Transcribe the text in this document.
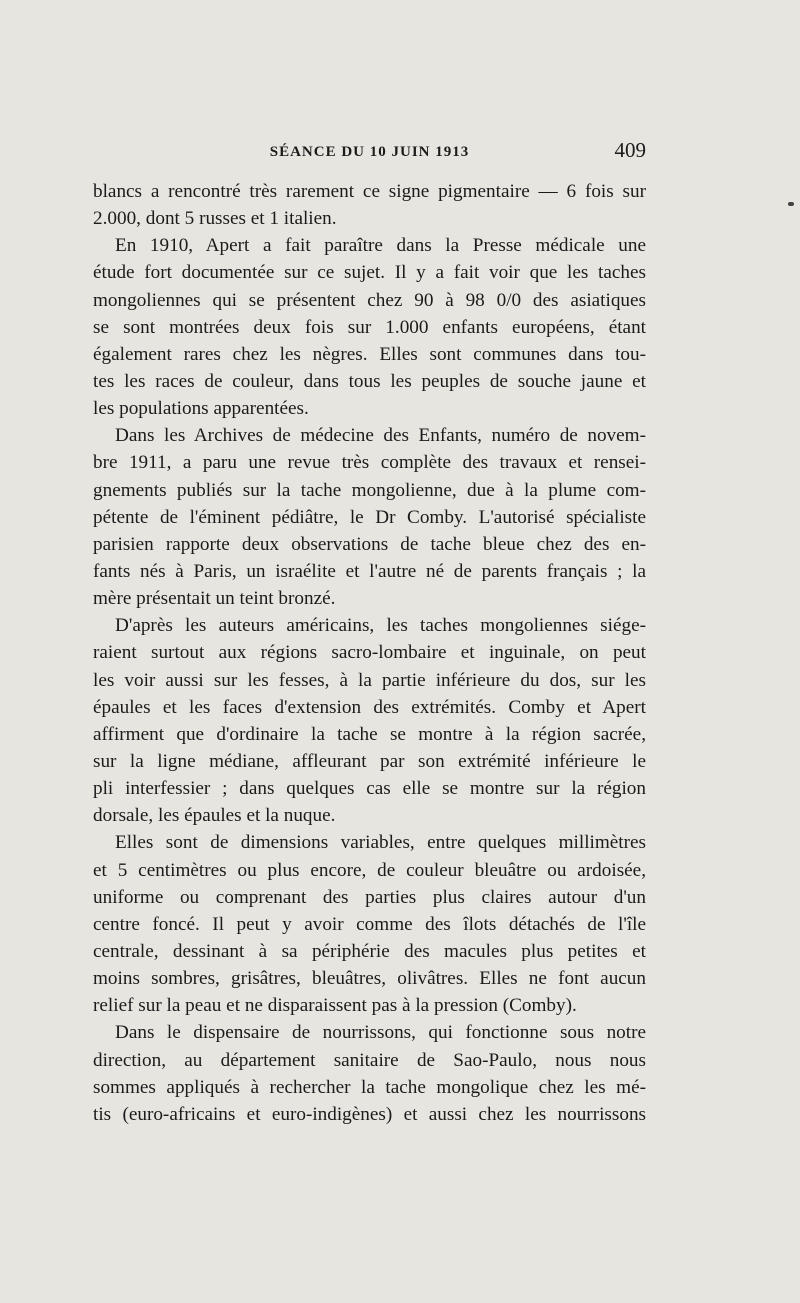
SÉANCE DU 10 JUIN 1913	409
blancs a rencontré très rarement ce signe pigmentaire — 6 fois sur
2.000, dont 5 russes et 1 italien.
En 1910, Apert a fait paraître dans la Presse médicale une
étude fort documentée sur ce sujet. Il y a fait voir que les taches
mongoliennes qui se présentent chez 90 à 98 0/0 des asiatiques
se sont montrées deux fois sur 1.000 enfants européens, étant
également rares chez les nègres. Elles sont communes dans tou-
tes les races de couleur, dans tous les peuples de souche jaune et
les populations apparentées.
Dans les Archives de médecine des Enfants, numéro de novem-
bre 1911, a paru une revue très complète des travaux et rensei-
gnements publiés sur la tache mongolienne, due à la plume com-
pétente de l'éminent pédiâtre, le Dr Comby. L'autorisé spécialiste
parisien rapporte deux observations de tache bleue chez des en-
fants nés à Paris, un israélite et l'autre né de parents français ; la
mère présentait un teint bronzé.
D'après les auteurs américains, les taches mongoliennes siége-
raient surtout aux régions sacro-lombaire et inguinale, on peut
les voir aussi sur les fesses, à la partie inférieure du dos, sur les
épaules et les faces d'extension des extrémités. Comby et Apert
affirment que d'ordinaire la tache se montre à la région sacrée,
sur la ligne médiane, affleurant par son extrémité inférieure le
pli interfessier ; dans quelques cas elle se montre sur la région
dorsale, les épaules et la nuque.
Elles sont de dimensions variables, entre quelques millimètres
et 5 centimètres ou plus encore, de couleur bleuâtre ou ardoisée,
uniforme ou comprenant des parties plus claires autour d'un
centre foncé. Il peut y avoir comme des îlots détachés de l'île
centrale, dessinant à sa périphérie des macules plus petites et
moins sombres, grisâtres, bleuâtres, olivâtres. Elles ne font aucun
relief sur la peau et ne disparaissent pas à la pression (Comby).
Dans le dispensaire de nourrissons, qui fonctionne sous notre
direction, au département sanitaire de Sao-Paulo, nous nous
sommes appliqués à rechercher la tache mongolique chez les mé-
tis (euro-africains et euro-indigènes) et aussi chez les nourrissons
